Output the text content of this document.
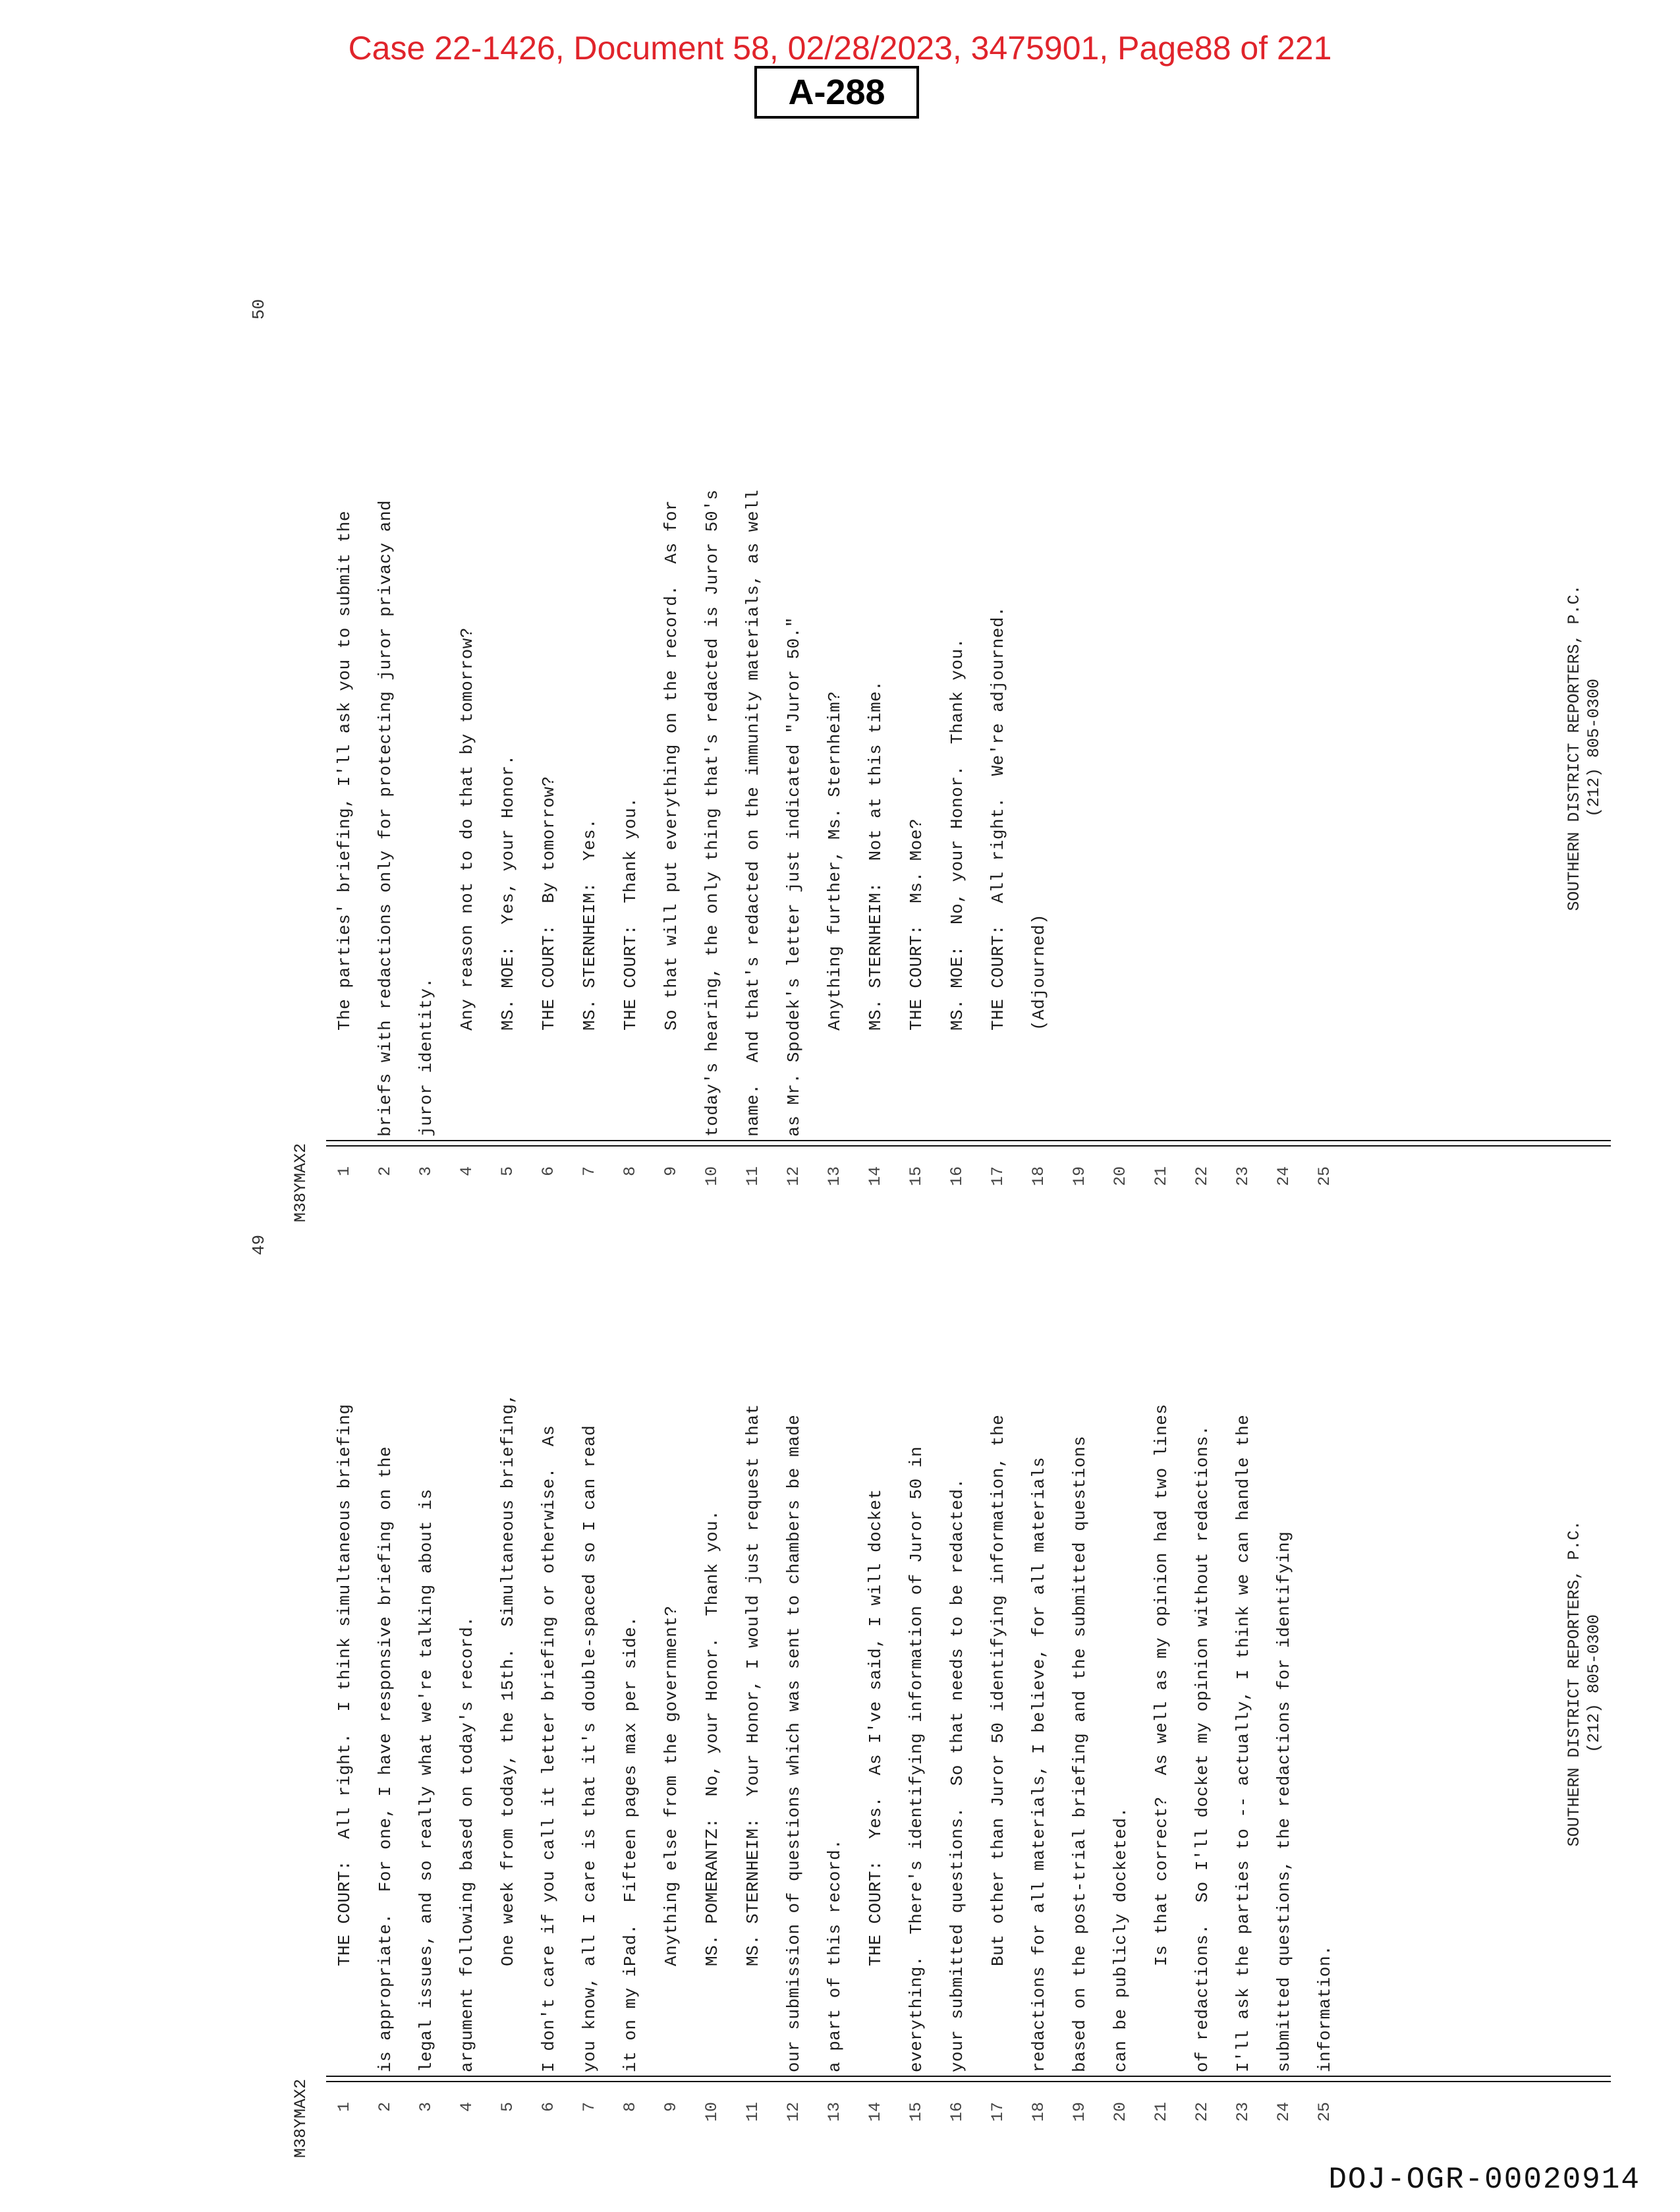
Case 22-1426, Document 58, 02/28/2023, 3475901, Page88 of 221
A-288
49
M38YMAX2	1	2	3	4	5	6	7	8	9	10	11	12	13	14	15	16	17	18	19	20	21	22	23	24	25
THE COURT:  All right.  I think simultaneous briefing	is appropriate.  For one, I have responsive briefing on the	legal issues, and so really what we're talking about is	argument following based on today's record.	One week from today, the 15th.  Simultaneous briefing,	I don't care if you call it letter briefing or otherwise.  As	you know, all I care is that it's double-spaced so I can read	it on my iPad.  Fifteen pages max per side.	Anything else from the government?	MS. POMERANTZ:  No, your Honor.  Thank you.	MS. STERNHEIM:  Your Honor, I would just request that	our submission of questions which was sent to chambers be made	a part of this record.	THE COURT:  Yes.  As I've said, I will docket	everything.  There's identifying information of Juror 50 in	your submitted questions.  So that needs to be redacted.	But other than Juror 50 identifying information, the	redactions for all materials, I believe, for all materials	based on the post-trial briefing and the submitted questions	can be publicly docketed.	Is that correct?  As well as my opinion had two lines	of redactions.  So I'll docket my opinion without redactions.	I'll ask the parties to -- actually, I think we can handle the	submitted questions, the redactions for identifying	information.
SOUTHERN DISTRICT REPORTERS, P.C. (212) 805-0300
50
M38YMAX2	1	2	3	4	5	6	7	8	9	10	11	12	13	14	15	16	17	18	19	20	21	22	23	24	25
The parties' briefing, I'll ask you to submit the	briefs with redactions only for protecting juror privacy and	juror identity.	Any reason not to do that by tomorrow?	MS. MOE:  Yes, your Honor.	THE COURT:  By tomorrow?	MS. STERNHEIM:  Yes.	THE COURT:  Thank you.	So that will put everything on the record.  As for	today's hearing, the only thing that's redacted is Juror 50's	name.  And that's redacted on the immunity materials, as well	as Mr. Spodek's letter just indicated "Juror 50."	Anything further, Ms. Sternheim?	MS. STERNHEIM:  Not at this time.	THE COURT:  Ms. Moe?	MS. MOE:  No, your Honor.  Thank you.	THE COURT:  All right.  We're adjourned.	(Adjourned)
SOUTHERN DISTRICT REPORTERS, P.C. (212) 805-0300
DOJ-OGR-00020914
